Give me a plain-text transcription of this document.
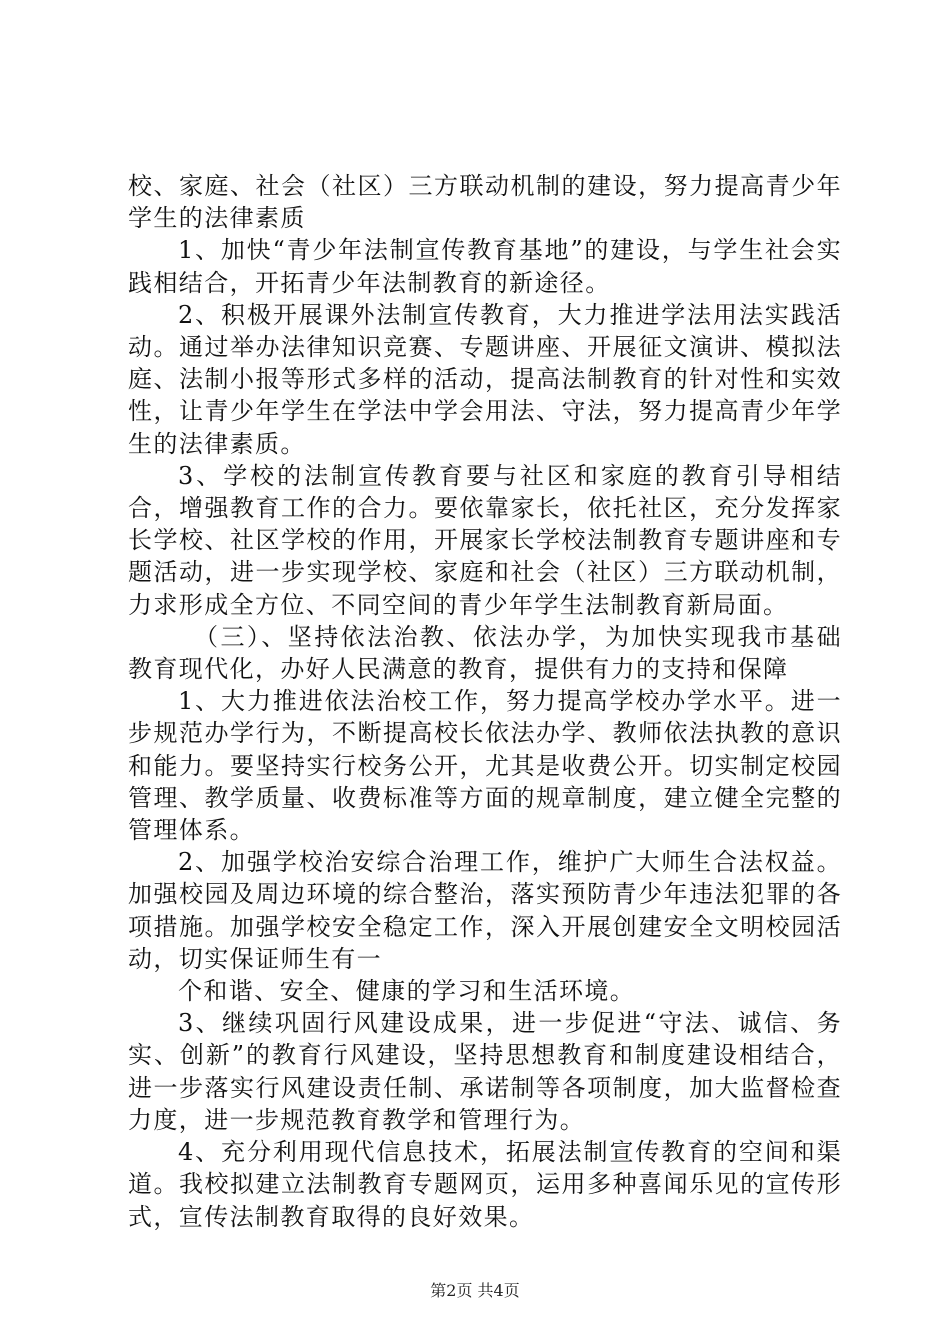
校、家庭、社会（社区）三方联动机制的建设，努力提高青少年学生的法律素质

1、加快“青少年法制宣传教育基地”的建设，与学生社会实践相结合，开拓青少年法制教育的新途径。

2、积极开展课外法制宣传教育，大力推进学法用法实践活动。通过举办法律知识竞赛、专题讲座、开展征文演讲、模拟法庭、法制小报等形式多样的活动，提高法制教育的针对性和实效性，让青少年学生在学法中学会用法、守法，努力提高青少年学生的法律素质。

3、学校的法制宣传教育要与社区和家庭的教育引导相结合，增强教育工作的合力。要依靠家长，依托社区，充分发挥家长学校、社区学校的作用，开展家长学校法制教育专题讲座和专题活动，进一步实现学校、家庭和社会（社区）三方联动机制，力求形成全方位、不同空间的青少年学生法制教育新局面。

（三）、坚持依法治教、依法办学，为加快实现我市基础教育现代化，办好人民满意的教育，提供有力的支持和保障

1、大力推进依法治校工作，努力提高学校办学水平。进一步规范办学行为，不断提高校长依法办学、教师依法执教的意识和能力。要坚持实行校务公开，尤其是收费公开。切实制定校园管理、教学质量、收费标准等方面的规章制度，建立健全完整的管理体系。

2、加强学校治安综合治理工作，维护广大师生合法权益。加强校园及周边环境的综合整治，落实预防青少年违法犯罪的各项措施。加强学校安全稳定工作，深入开展创建安全文明校园活动，切实保证师生有一

个和谐、安全、健康的学习和生活环境。

3、继续巩固行风建设成果，进一步促进“守法、诚信、务实、创新”的教育行风建设，坚持思想教育和制度建设相结合，进一步落实行风建设责任制、承诺制等各项制度，加大监督检查力度，进一步规范教育教学和管理行为。

4、充分利用现代信息技术，拓展法制宣传教育的空间和渠道。我校拟建立法制教育专题网页，运用多种喜闻乐见的宣传形式，宣传法制教育取得的良好效果。

第2页 共4页
